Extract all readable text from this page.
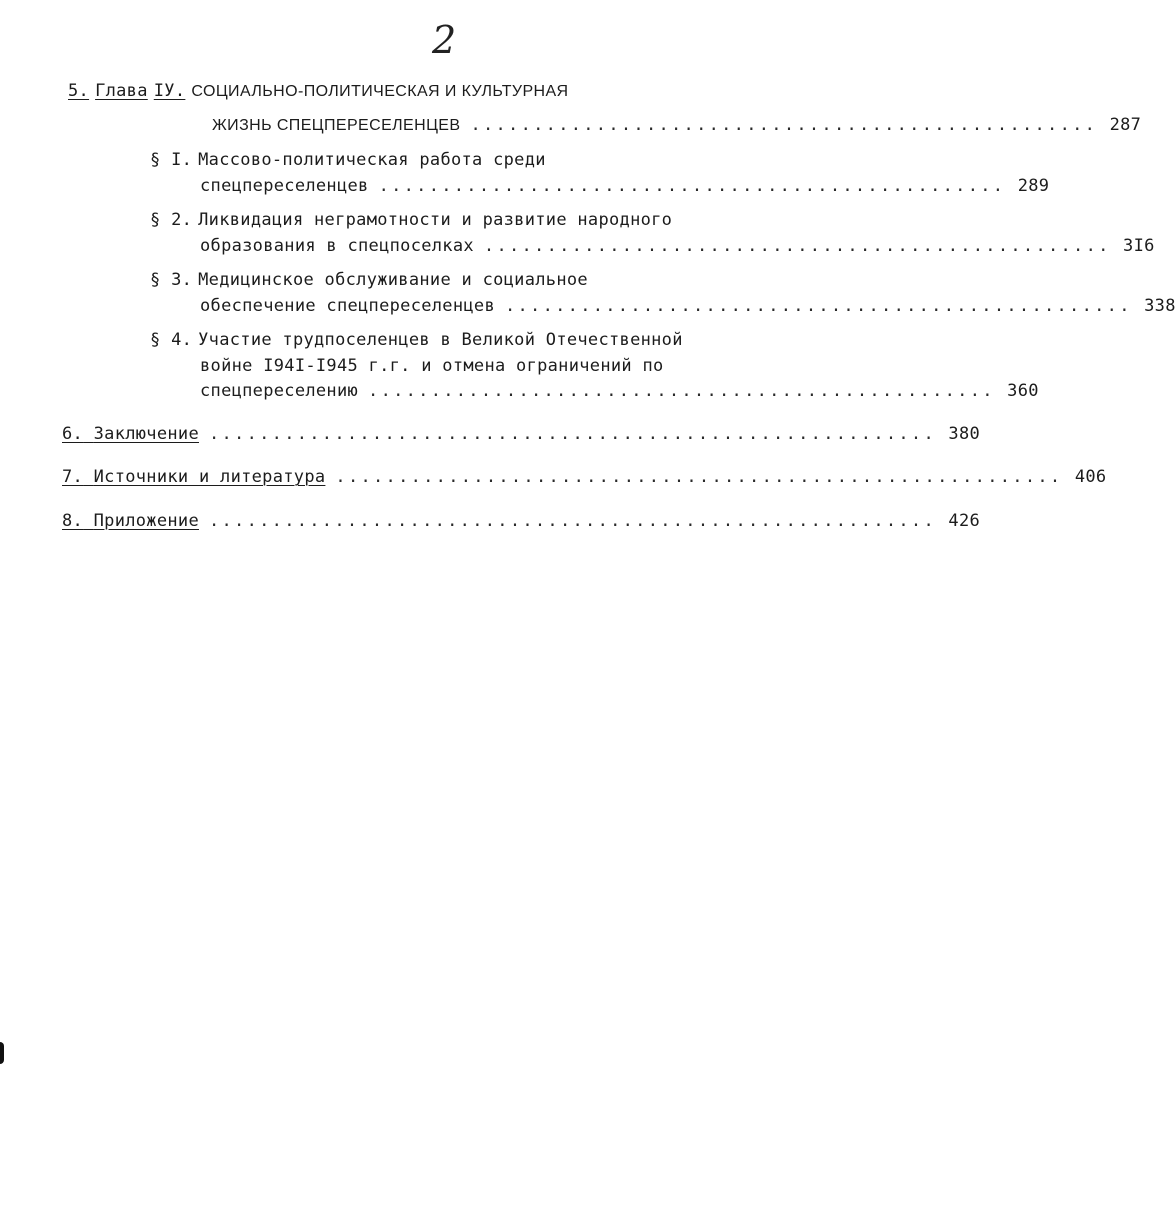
2
5. Глава ІУ. СОЦИАЛЬНО-ПОЛИТИЧЕСКАЯ И КУЛЬТУРНАЯ
ЖИЗНЬ СПЕЦПЕРЕСЕЛЕНЦЕВ .................................................. 287
§ І. Массово-политическая работа среди
спецпереселенцев .................................................. 289
§ 2. Ликвидация неграмотности и развитие народного
образования в спецпоселках .................................................. 3І6
§ 3. Медицинское обслуживание и социальное
обеспечение спецпереселенцев .................................................. 338
§ 4. Участие трудпоселенцев в Великой Отечественной
войне І94І-І945 г.г. и отмена ограничений по
спецпереселению .................................................. 360
6. Заключение .......................................................... 380
7. Источники и литература .......................................................... 406
8. Приложение .......................................................... 426
